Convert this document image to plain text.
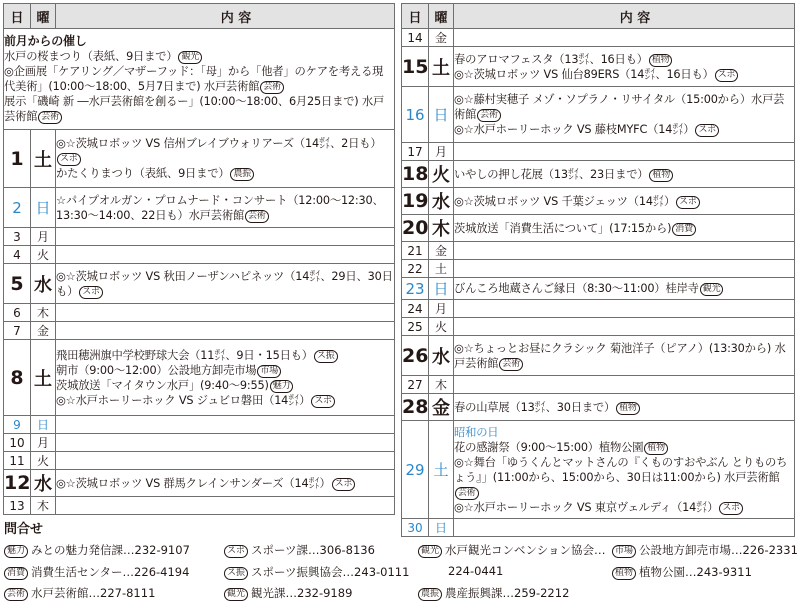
日	曜	内 容

前月からの催し
水戸の桜まつり（表紙、9日まで） 観光
◎企画展「ケアリング／マザーフッド：「母」から「他者」のケアを考える現代美術」(10:00〜18:00、5月7日まで) 水戸芸術館 芸術
展示「磯崎 新 ―水戸芸術館を創るー」(10:00〜18:00、6月25日まで) 水戸芸術館 芸術		

1	土	◎☆茨城ロボッツ VS 信州ブレイブウォリアーズ（14㌽、2日も）スポ
かたくりまつり（表紙、9日まで） 農振

2	日	☆パイプオルガン・プロムナード・コンサート（12:00〜12:30、13:30〜14:00、22日も）水戸芸術館 芸術

3	月	
4	火	
5	水	◎☆茨城ロボッツ VS 秋田ノーザンハピネッツ（14㌽、29日、30日も） スポ

6	木	
7	金	
8	土	飛田穂洲旗中学校野球大会（11㌽、9日・15日も） ス振
朝市（9:00〜12:00）公設地方卸売市場 市場
茨城放送「マイタウン水戸」(9:40〜9:55) 魅力
◎☆水戸ホーリーホック VS ジュビロ磐田（14㌽） スポ

9	日	
10	月	
11	火	
12	水	◎☆茨城ロボッツ VS 群馬クレインサンダーズ（14㌽） スポ

13	木	
日	曜	内 容
14	金	
15	土	春のアロマフェスタ（13㌽、16日も） 植物
◎☆茨城ロボッツ VS 仙台89ERS（14㌽、16日も） スポ

16	日	◎☆藤村実穂子 メゾ・ソプラノ・リサイタル（15:00から）水戸芸術館 芸術
◎☆水戸ホーリーホック VS 藤枝MYFC（14㌽） スポ

17	月	
18	火	いやしの押し花展（13㌽、23日まで） 植物

19	水	◎☆茨城ロボッツ VS 千葉ジェッツ（14㌽） スポ

20	木	茨城放送「消費生活について」(17:15から) 消費

21	金	
22	土	
23	日	びんころ地蔵さんご縁日（8:30〜11:00）桂岸寺 観光

24	月	
25	火	
26	水	◎☆ちょっとお昼にクラシック 菊池洋子（ピアノ）(13:30から) 水戸芸術館 芸術

27	木	
28	金	春の山草展（13㌽、30日まで） 植物

29	土	昭和の日
花の感謝祭（9:00〜15:00）植物公園 植物
◎☆舞台「ゆうくんとマットさんの『くものすおやぶん とりものちょう』」(11:00から、15:00から、30日は11:00から) 水戸芸術館芸術
◎☆水戸ホーリーホック VS 東京ヴェルディ（14㌽） スポ

30	日	
問合せ
魅力 みとの魅力発信課…232-9107	スポ スポーツ課…306-8136	観光 水戸観光コンベンション協会…
224-0441
市場 公設地方卸売市場…226-2331
消費 消費生活センター…226-4194	ス振 スポーツ振興協会…243-0111	植物 植物公園…243-9311
芸術 水戸芸術館…227-8111	観光 観光課…232-9189	農振 農産振興課…259-2212
